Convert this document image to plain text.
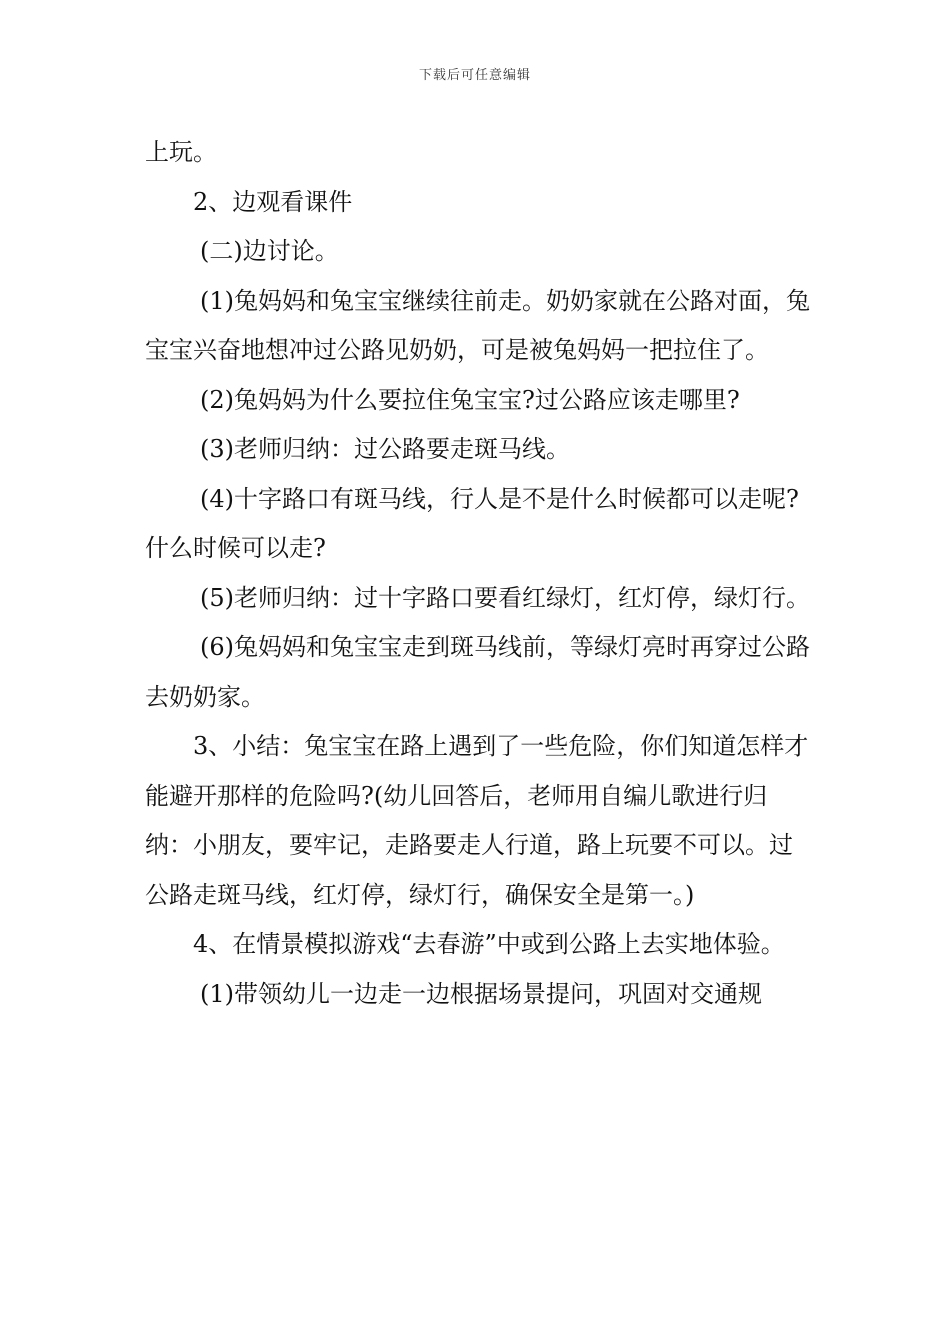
下载后可任意编辑

上玩。

2、边观看课件

(二)边讨论。

(1)兔妈妈和兔宝宝继续往前走。奶奶家就在公路对面，兔宝宝兴奋地想冲过公路见奶奶，可是被兔妈妈一把拉住了。

(2)兔妈妈为什么要拉住兔宝宝?过公路应该走哪里?

(3)老师归纳：过公路要走斑马线。

(4)十字路口有斑马线，行人是不是什么时候都可以走呢?什么时候可以走?

(5)老师归纳：过十字路口要看红绿灯，红灯停，绿灯行。

(6)兔妈妈和兔宝宝走到斑马线前，等绿灯亮时再穿过公路去奶奶家。

3、小结：兔宝宝在路上遇到了一些危险，你们知道怎样才能避开那样的危险吗?(幼儿回答后，老师用自编儿歌进行归纳：小朋友，要牢记，走路要走人行道，路上玩要不可以。过公路走斑马线，红灯停，绿灯行，确保安全是第一。)

4、在情景模拟游戏“去春游”中或到公路上去实地体验。

(1)带领幼儿一边走一边根据场景提问，巩固对交通规
